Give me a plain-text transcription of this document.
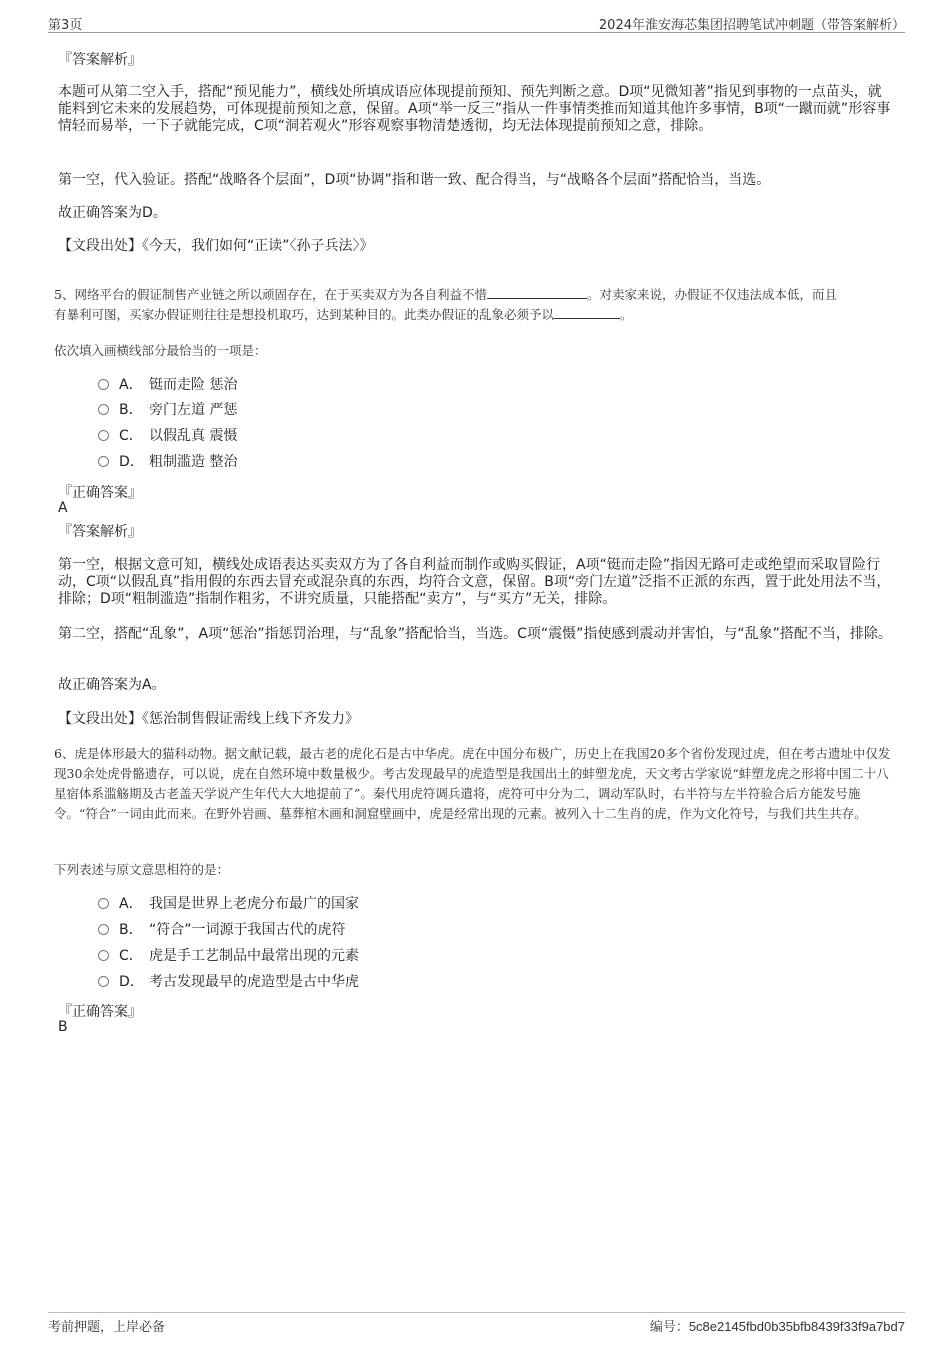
第3页	2024年淮安海芯集团招聘笔试冲刺题（带答案解析）
『答案解析』
本题可从第二空入手，搭配“预见能力”，横线处所填成语应体现提前预知、预先判断之意。D项“见微知著”指见到事物的一点苗头，就能料到它未来的发展趋势，可体现提前预知之意，保留。A项“举一反三”指从一件事情类推而知道其他许多事情，B项“一蹴而就”形容事情轻而易举，一下子就能完成，C项“洞若观火”形容观察事物清楚透彻，均无法体现提前预知之意，排除。
第一空，代入验证。搭配“战略各个层面”，D项“协调”指和谐一致、配合得当，与“战略各个层面”搭配恰当，当选。
故正确答案为D。
【文段出处】《今天，我们如何“正读”〈孙子兵法〉》
5、网络平台的假证制售产业链之所以顽固存在，在于买卖双方为各自利益不惜	。对卖家来说，办假证不仅违法成本低，而且
有暴利可图，买家办假证则往往是想投机取巧，达到某种目的。此类办假证的乱象必须予以	。
依次填入画横线部分最恰当的一项是：
A． 铤而走险 惩治
B． 旁门左道 严惩
C． 以假乱真 震慑
D． 粗制滥造 整治
『正确答案』
A
『答案解析』
第一空，根据文意可知，横线处成语表达买卖双方为了各自利益而制作或购买假证，A项“铤而走险”指因无路可走或绝望而采取冒险行动，C项“以假乱真”指用假的东西去冒充或混杂真的东西，均符合文意，保留。B项“旁门左道”泛指不正派的东西，置于此处用法不当，排除；D项“粗制滥造”指制作粗劣，不讲究质量，只能搭配“卖方”，与“买方”无关，排除。
第二空，搭配“乱象”，A项“惩治”指惩罚治理，与“乱象”搭配恰当，当选。C项“震慑”指使感到震动并害怕，与“乱象”搭配不当，排除。
故正确答案为A。
【文段出处】《惩治制售假证需线上线下齐发力》
6、虎是体形最大的猫科动物。据文献记载，最古老的虎化石是古中华虎。虎在中国分布极广，历史上在我国20多个省份发现过虎，但在考古遗址中仅发现30余处虎骨骼遗存，可以说，虎在自然环境中数量极少。考古发现最早的虎造型是我国出土的蚌塑龙虎，天文考古学家说“蚌塑龙虎之形将中国二十八星宿体系滥觞期及古老盖天学说产生年代大大地提前了”。秦代用虎符调兵遣将，虎符可中分为二，调动军队时，右半符与左半符验合后方能发号施令。“符合”一词由此而来。在野外岩画、墓葬棺木画和洞窟壁画中，虎是经常出现的元素。被列入十二生肖的虎，作为文化符号，与我们共生共存。
下列表述与原文意思相符的是：
A． 我国是世界上老虎分布最广的国家
B． “符合”一词源于我国古代的虎符
C． 虎是手工艺制品中最常出现的元素
D． 考古发现最早的虎造型是古中华虎
『正确答案』
B
考前押题，上岸必备	编号：5c8e2145fbd0b35bfb8439f33f9a7bd7
